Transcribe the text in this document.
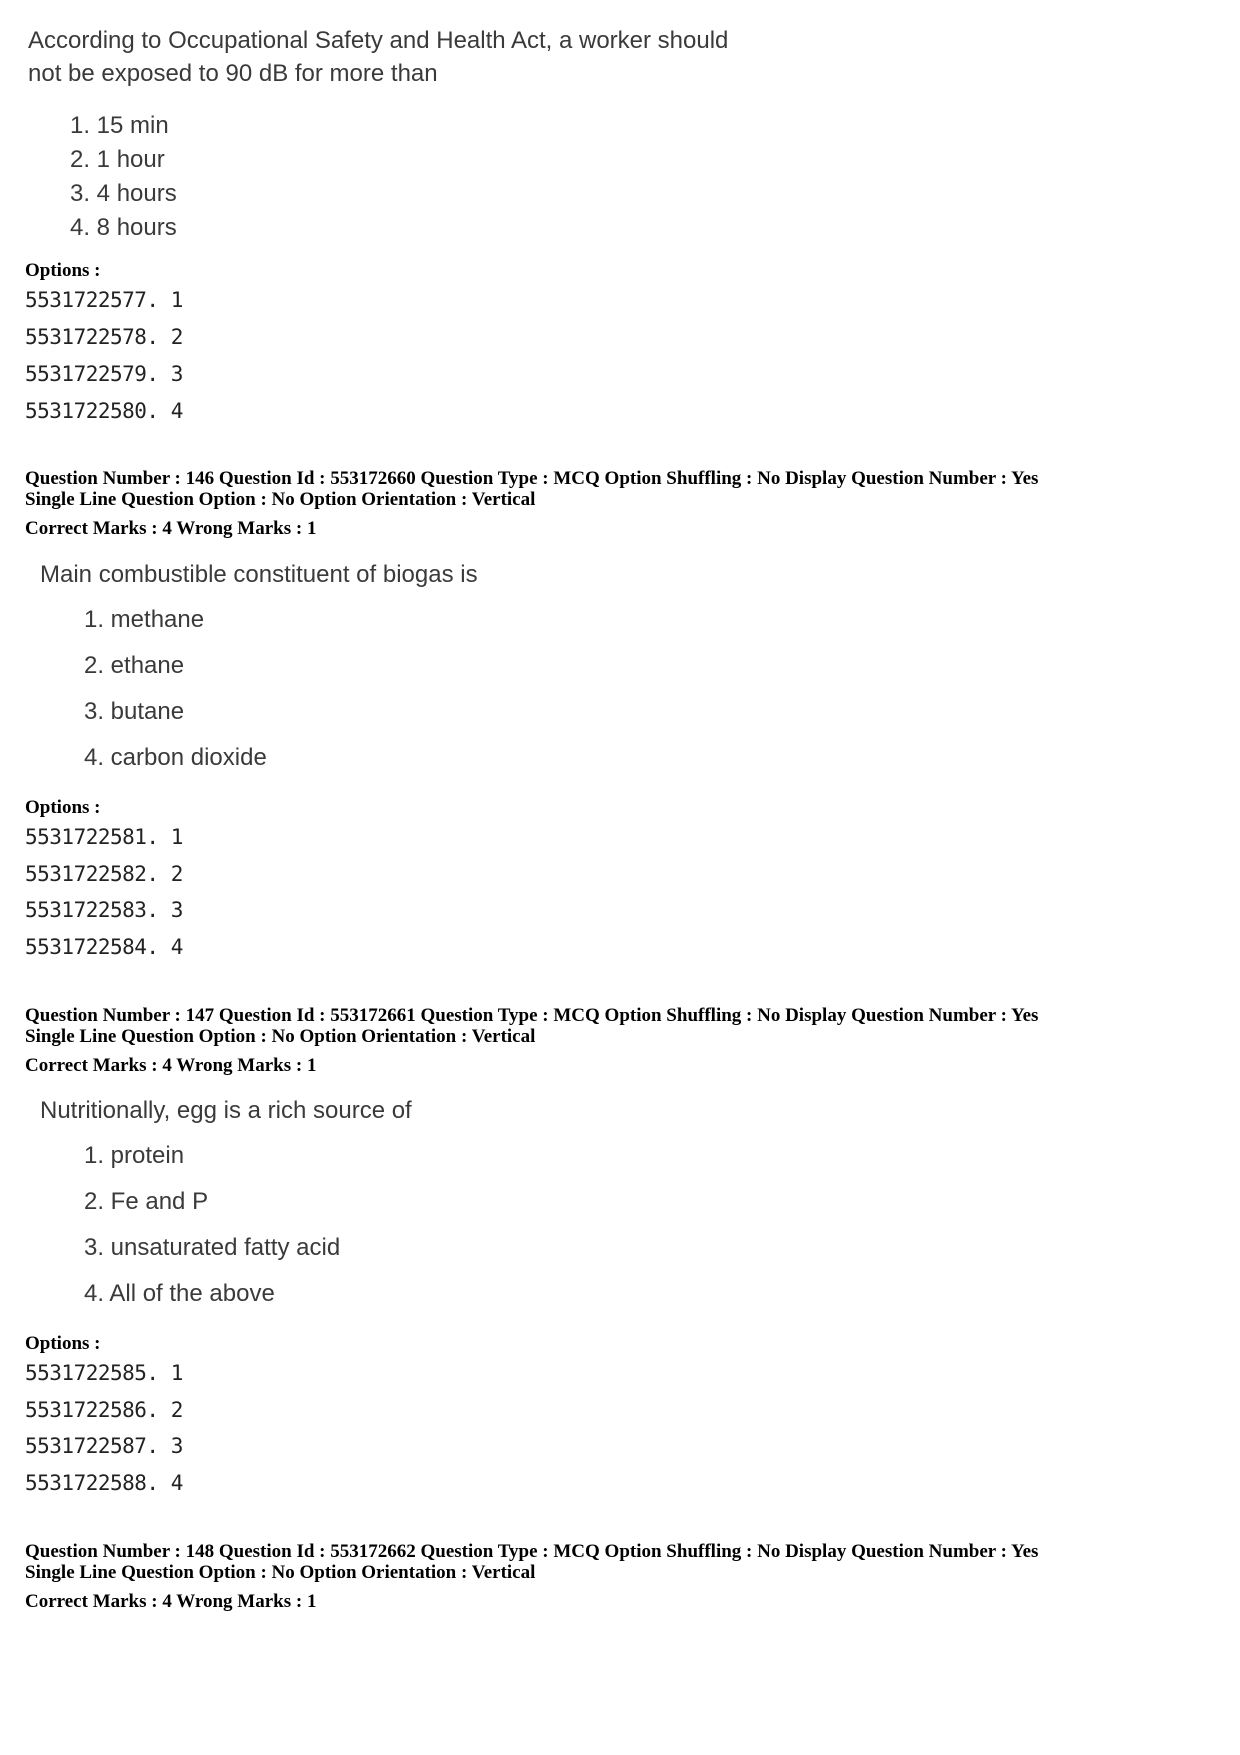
According to Occupational Safety and Health Act, a worker should

not be exposed to 90 dB for more than

1. 15 min
2. 1 hour
3. 4 hours
4. 8 hours
Options :
5531722577. 1
5531722578. 2
5531722579. 3
5531722580. 4
Question Number : 146 Question Id : 553172660 Question Type : MCQ Option Shuffling : No Display Question Number : Yes
Single Line Question Option : No Option Orientation : Vertical
Correct Marks : 4 Wrong Marks : 1

Main combustible constituent of biogas is

1. methane
2. ethane
3. butane
4. carbon dioxide
Options :
5531722581. 1
5531722582. 2
5531722583. 3
5531722584. 4
Question Number : 147 Question Id : 553172661 Question Type : MCQ Option Shuffling : No Display Question Number : Yes
Single Line Question Option : No Option Orientation : Vertical
Correct Marks : 4 Wrong Marks : 1

Nutritionally, egg is a rich source of

1. protein
2. Fe and P
3. unsaturated fatty acid
4. All of the above
Options :
5531722585. 1
5531722586. 2
5531722587. 3
5531722588. 4
Question Number : 148 Question Id : 553172662 Question Type : MCQ Option Shuffling : No Display Question Number : Yes
Single Line Question Option : No Option Orientation : Vertical
Correct Marks : 4 Wrong Marks : 1
